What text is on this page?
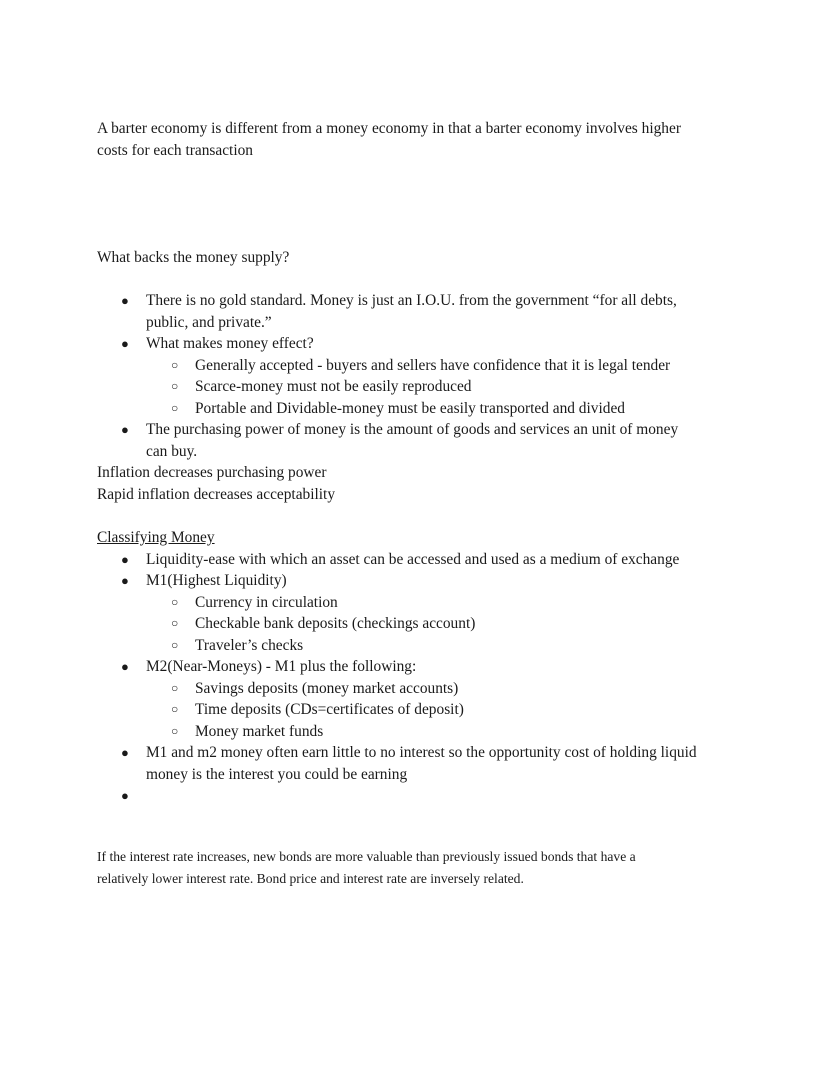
A barter economy is different from a money economy in that a barter economy involves higher
costs for each transaction

What backs the money supply?

● There is no gold standard. Money is just an I.O.U. from the government “for all debts,
public, and private.”
● What makes money effect?
○ Generally accepted - buyers and sellers have confidence that it is legal tender
○ Scarce-money must not be easily reproduced
○ Portable and Dividable-money must be easily transported and divided
● The purchasing power of money is the amount of goods and services an unit of money
can buy.
Inflation decreases purchasing power
Rapid inflation decreases acceptability
Classifying Money
● Liquidity-ease with which an asset can be accessed and used as a medium of exchange
● M1(Highest Liquidity)
○ Currency in circulation
○ Checkable bank deposits (checkings account)
○ Traveler’s checks
● M2(Near-Moneys) - M1 plus the following:
○ Savings deposits (money market accounts)
○ Time deposits (CDs=certificates of deposit)
○ Money market funds
● M1 and m2 money often earn little to no interest so the opportunity cost of holding liquid
money is the interest you could be earning
●

If the interest rate increases, new bonds are more valuable than previously issued bonds that have a
relatively lower interest rate. Bond price and interest rate are inversely related.
